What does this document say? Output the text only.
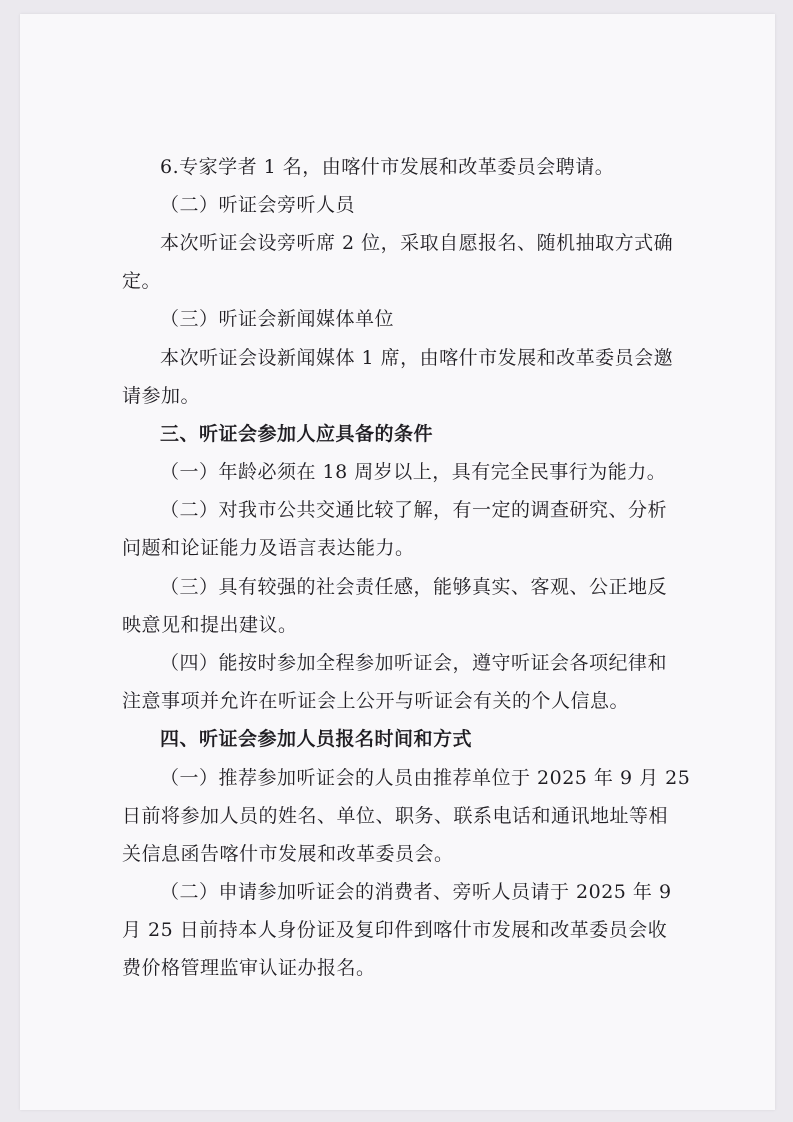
6.专家学者 1 名，由喀什市发展和改革委员会聘请。
（二）听证会旁听人员
本次听证会设旁听席 2 位，采取自愿报名、随机抽取方式确
定。
（三）听证会新闻媒体单位
本次听证会设新闻媒体 1 席，由喀什市发展和改革委员会邀
请参加。
三、听证会参加人应具备的条件
（一）年龄必须在 18 周岁以上，具有完全民事行为能力。
（二）对我市公共交通比较了解，有一定的调查研究、分析
问题和论证能力及语言表达能力。
（三）具有较强的社会责任感，能够真实、客观、公正地反
映意见和提出建议。
（四）能按时参加全程参加听证会，遵守听证会各项纪律和
注意事项并允许在听证会上公开与听证会有关的个人信息。
四、听证会参加人员报名时间和方式
（一）推荐参加听证会的人员由推荐单位于 2025 年 9 月 25
日前将参加人员的姓名、单位、职务、联系电话和通讯地址等相
关信息函告喀什市发展和改革委员会。
（二）申请参加听证会的消费者、旁听人员请于 2025 年 9
月 25 日前持本人身份证及复印件到喀什市发展和改革委员会收
费价格管理监审认证办报名。
